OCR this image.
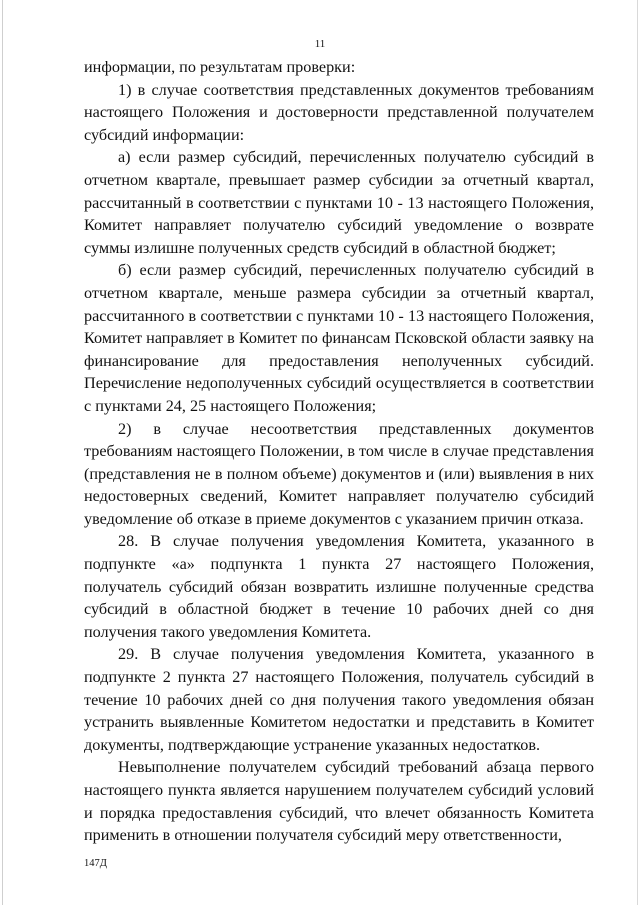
11

информации, по результатам проверки:

1) в случае соответствия представленных документов требованиям настоящего Положения и достоверности представленной получателем субсидий информации:

а) если размер субсидий, перечисленных получателю субсидий в отчетном квартале, превышает размер субсидии за отчетный квартал, рассчитанный в соответствии с пунктами 10 - 13 настоящего Положения, Комитет направляет получателю субсидий уведомление о возврате суммы излишне полученных средств субсидий в областной бюджет;

б) если размер субсидий, перечисленных получателю субсидий в отчетном квартале, меньше размера субсидии за отчетный квартал, рассчитанного в соответствии с пунктами 10 - 13 настоящего Положения, Комитет направляет в Комитет по финансам Псковской области заявку на финансирование для предоставления неполученных субсидий. Перечисление недополученных субсидий осуществляется в соответствии с пунктами 24, 25 настоящего Положения;

2) в случае несоответствия представленных документов требованиям настоящего Положении, в том числе в случае представления (представления не в полном объеме) документов и (или) выявления в них недостоверных сведений, Комитет направляет получателю субсидий уведомление об отказе в приеме документов с указанием причин отказа.

28. В случае получения уведомления Комитета, указанного в подпункте «а» подпункта 1 пункта 27 настоящего Положения, получатель субсидий обязан возвратить излишне полученные средства субсидий в областной бюджет в течение 10 рабочих дней со дня получения такого уведомления Комитета.

29. В случае получения уведомления Комитета, указанного в подпункте 2 пункта 27 настоящего Положения, получатель субсидий в течение 10 рабочих дней со дня получения такого уведомления обязан устранить выявленные Комитетом недостатки и представить в Комитет документы, подтверждающие устранение указанных недостатков.

Невыполнение получателем субсидий требований абзаца первого настоящего пункта является нарушением получателем субсидий условий и порядка предоставления субсидий, что влечет обязанность Комитета применить в отношении получателя субсидий меру ответственности,

147Д
